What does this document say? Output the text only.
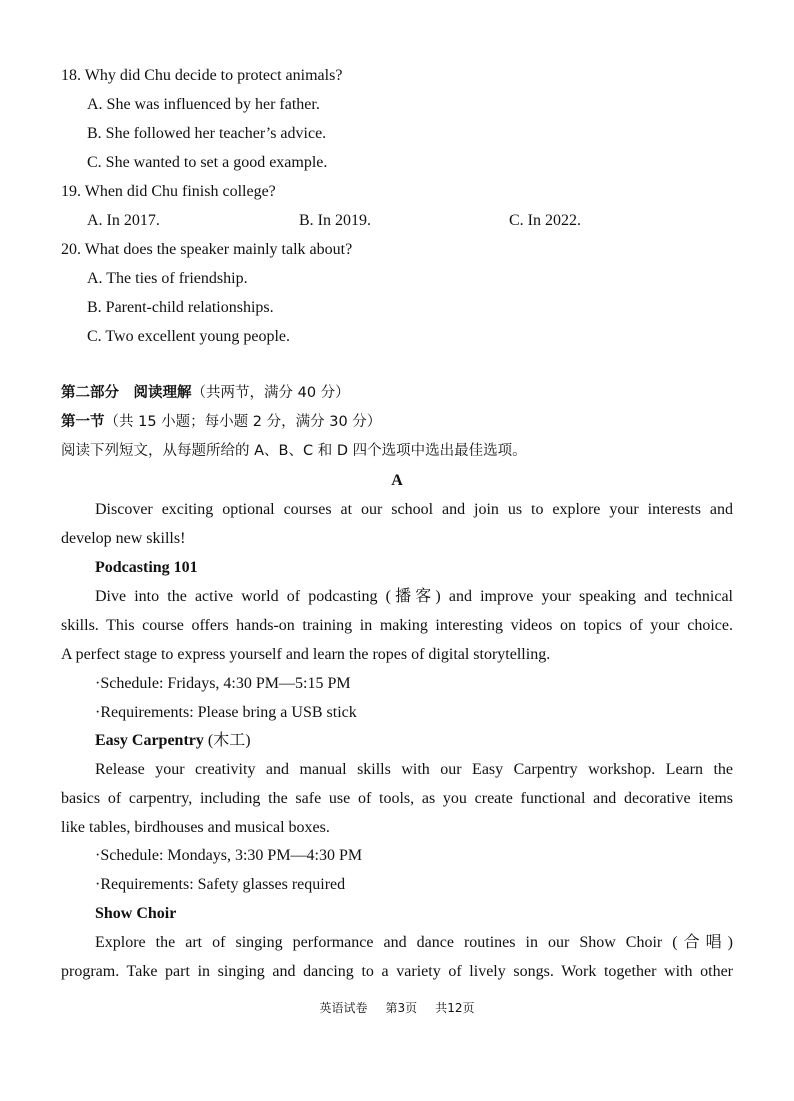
18. Why did Chu decide to protect animals?
A. She was influenced by her father.
B. She followed her teacher’s advice.
C. She wanted to set a good example.
19. When did Chu finish college?
A. In 2017.	B. In 2019.	C. In 2022.
20. What does the speaker mainly talk about?
A. The ties of friendship.
B. Parent-child relationships.
C. Two excellent young people.
第二部分　阅读理解（共两节，满分 40 分）
第一节（共 15 小题；每小题 2 分，满分 30 分）
阅读下列短文，从每题所给的 A、B、C 和 D 四个选项中选出最佳选项。
A
Discover exciting optional courses at our school and join us to explore your interests and
develop new skills!
Podcasting 101
Dive into the active world of podcasting (播客) and improve your speaking and technical
skills. This course offers hands-on training in making interesting videos on topics of your choice.
A perfect stage to express yourself and learn the ropes of digital storytelling.
·Schedule: Fridays, 4:30 PM—5:15 PM
·Requirements: Please bring a USB stick
Easy Carpentry (木工)
Release your creativity and manual skills with our Easy Carpentry workshop. Learn the
basics of carpentry, including the safe use of tools, as you create functional and decorative items
like tables, birdhouses and musical boxes.
·Schedule: Mondays, 3:30 PM—4:30 PM
·Requirements: Safety glasses required
Show Choir
Explore the art of singing performance and dance routines in our Show Choir (合唱)
program. Take part in singing and dancing to a variety of lively songs. Work together with other
英语试卷 第3页 共12页
